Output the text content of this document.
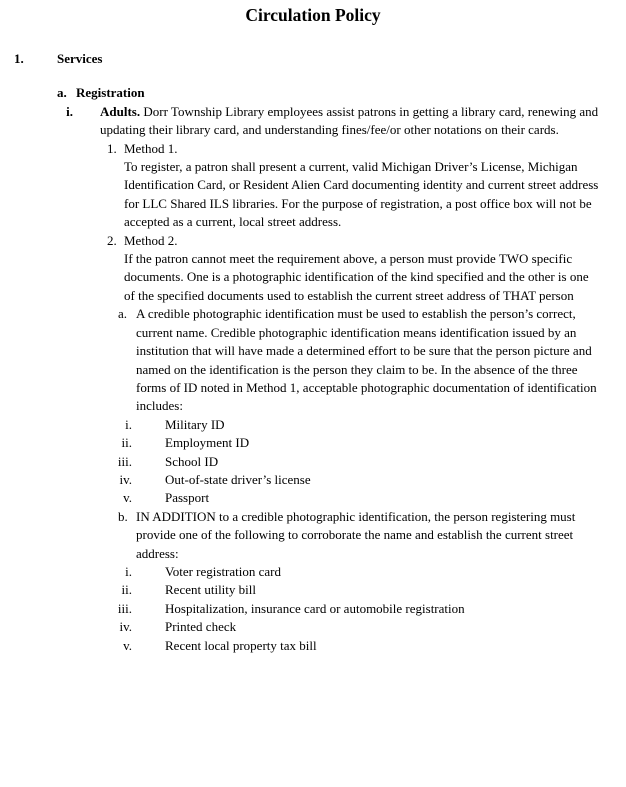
Circulation Policy
1.	Services
a. Registration
i.	Adults. Dorr Township Library employees assist patrons in getting a library card, renewing and updating their library card, and understanding fines/fee/or other notations on their cards.
1. Method 1.
To register, a patron shall present a current, valid Michigan Driver’s License, Michigan Identification Card, or Resident Alien Card documenting identity and current street address for LLC Shared ILS libraries. For the purpose of registration, a post office box will not be accepted as a current, local street address.
2. Method 2.
If the patron cannot meet the requirement above, a person must provide TWO specific documents. One is a photographic identification of the kind specified and the other is one of the specified documents used to establish the current street address of THAT person
a. A credible photographic identification must be used to establish the person’s correct, current name. Credible photographic identification means identification issued by an institution that will have made a determined effort to be sure that the person picture and named on the identification is the person they claim to be. In the absence of the three forms of ID noted in Method 1, acceptable photographic documentation of identification includes:
i.	Military ID
ii.	Employment ID
iii.	School ID
iv.	Out-of-state driver’s license
v.	Passport
b. IN ADDITION to a credible photographic identification, the person registering must provide one of the following to corroborate the name and establish the current street address:
i.	Voter registration card
ii.	Recent utility bill
iii.	Hospitalization, insurance card or automobile registration
iv.	Printed check
v.	Recent local property tax bill
